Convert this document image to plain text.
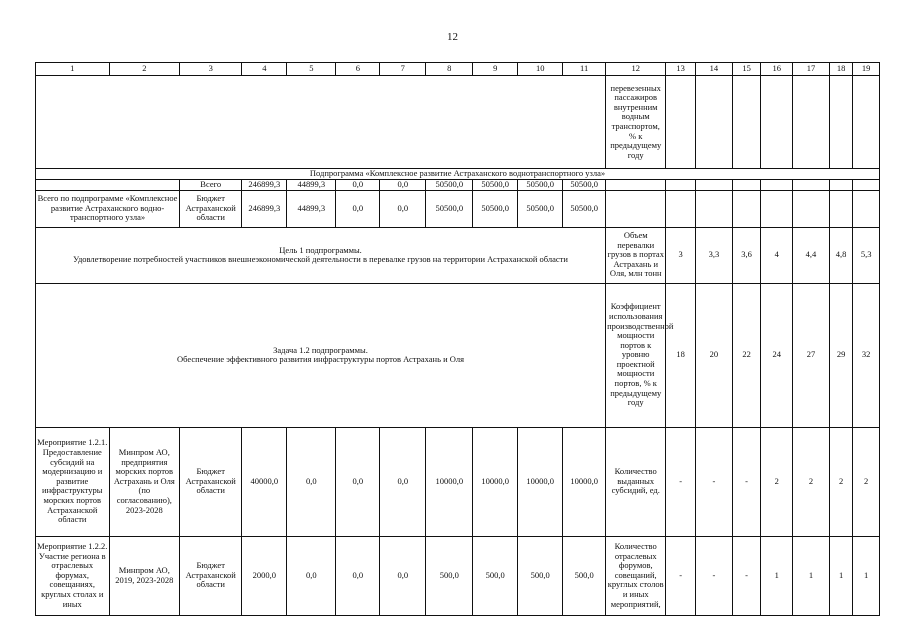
12
1	2	3	4	5	6	7	8	9	10	11	12	13	14	15	16	17	18	19
											перевезенных пассажиров внутренним водным транспортом, % к предыдущему году							
Подпрограмма «Комплексное развитие Астраханского воднотранспортного узла»																		
		Всего	246899,3	44899,3	0,0	0,0	50500,0	50500,0	50500,0	50500,0								
Всего по подпрограмме «Комплексное развитие Астраханского воднотранспортного узла»		Бюджет Астраханской области	246899,3	44899,3	0,0	0,0	50500,0	50500,0	50500,0	50500,0								

Цель 1 подпрограммы.
Удовлетворение потребностей участников внешнеэкономической деятельности в перевалке грузов на территории Астраханской области											Объем перевалки грузов в портах Астрахань и Оля, млн тонн	3	3,3	3,6	4	4,4	4,8	5,3

Задача 1.2 подпрограммы.
Обеспечение эффективного развития инфраструктуры портов Астрахань и Оля											Коэффициент использования производственной мощности портов к уровню проектной мощности портов, % к предыдущему году	18	20	22	24	27	29	32
Мероприятие 1.2.1. Предоставление субсидий на модернизацию и развитие инфраструктуры морских портов Астраханской области	Минпром АО, предприятия морских портов Астрахань и Оля (по согласованию), 2023-2028	Бюджет Астраханской области	40000,0	0,0	0,0	0,0	10000,0	10000,0	10000,0	10000,0	Количество выданных субсидий, ед.	-	-	-	2	2	2	2
Мероприятие 1.2.2. Участие региона в отраслевых форумах, совещаниях, круглых столах и иных	Минпром АО, 2019, 2023-2028	Бюджет Астраханской области	2000,0	0,0	0,0	0,0	500,0	500,0	500,0	500,0	Количество отраслевых форумов, совещаний, круглых столов и иных мероприятий,	-	-	-	1	1	1	1
